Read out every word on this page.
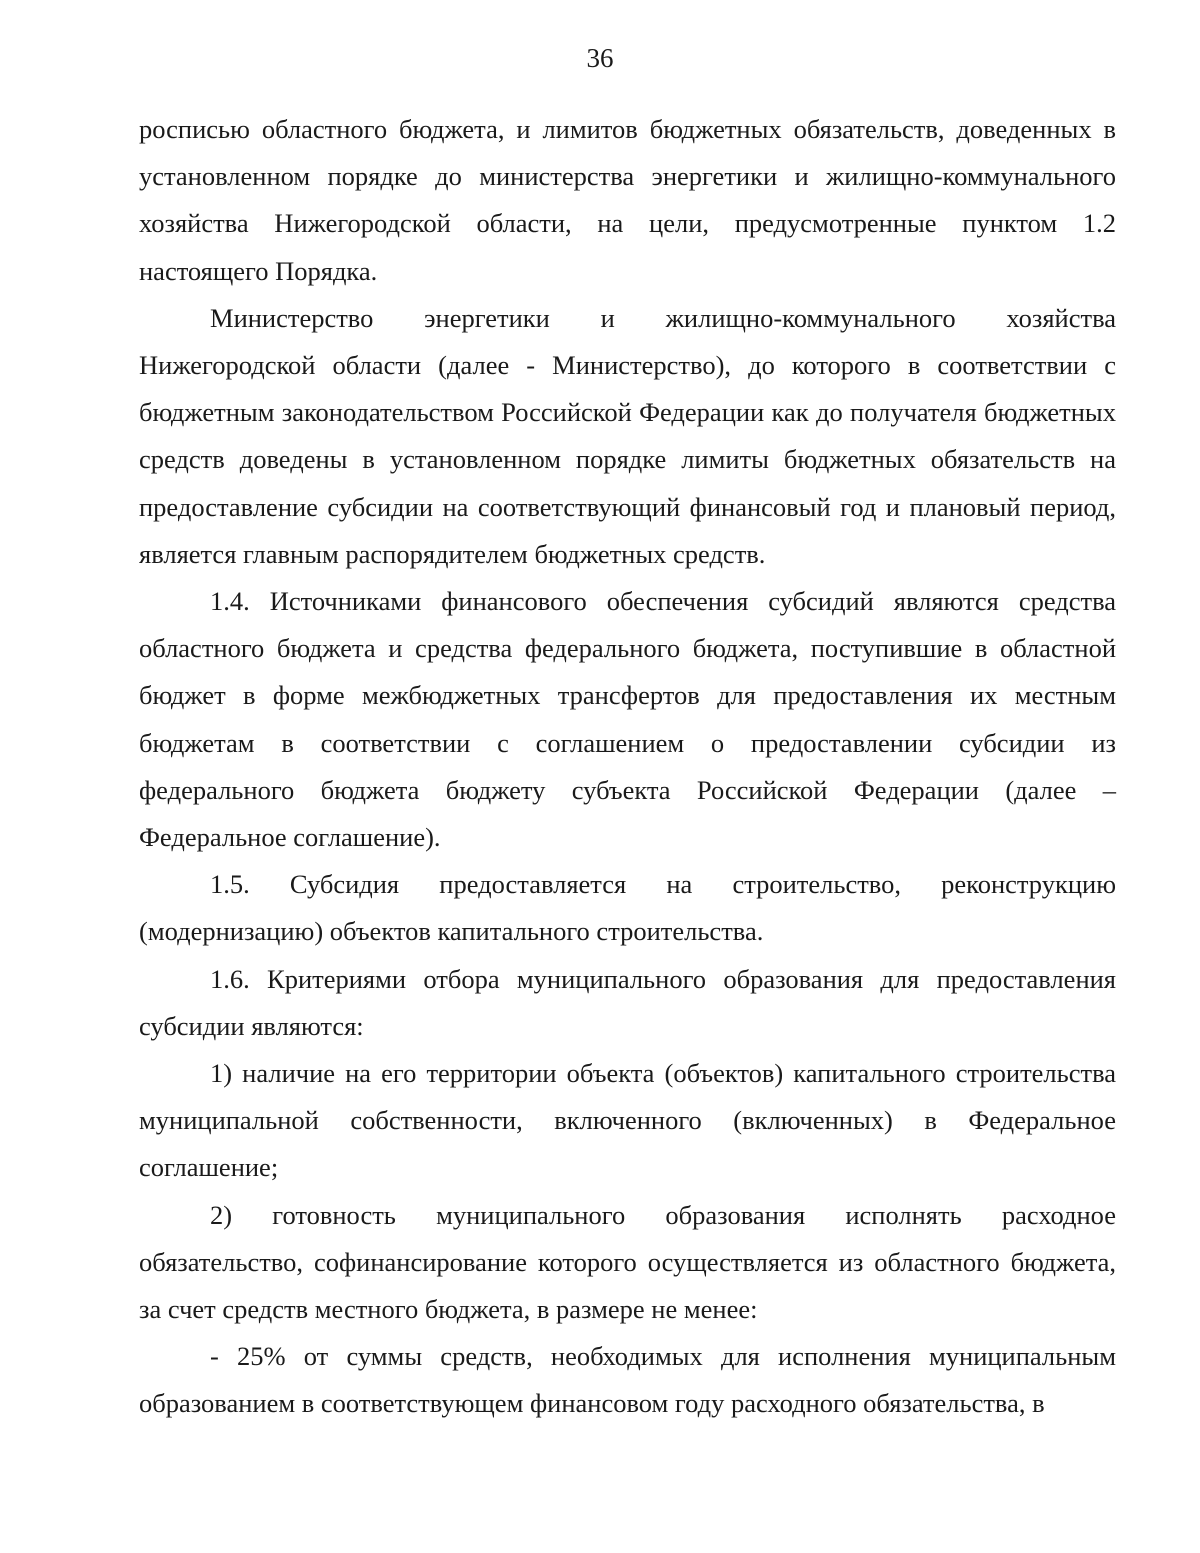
36

росписью областного бюджета, и лимитов бюджетных обязательств, доведенных в установленном порядке до министерства энергетики и жилищно-коммунального хозяйства Нижегородской области, на цели, предусмотренные пунктом 1.2 настоящего Порядка.

Министерство энергетики и жилищно-коммунального хозяйства Нижегородской области (далее - Министерство), до которого в соответствии с бюджетным законодательством Российской Федерации как до получателя бюджетных средств доведены в установленном порядке лимиты бюджетных обязательств на предоставление субсидии на соответствующий финансовый год и плановый период, является главным распорядителем бюджетных средств.

1.4. Источниками финансового обеспечения субсидий являются средства областного бюджета и средства федерального бюджета, поступившие в областной бюджет в форме межбюджетных трансфертов для предоставления их местным бюджетам в соответствии с соглашением о предоставлении субсидии из федерального бюджета бюджету субъекта Российской Федерации (далее – Федеральное соглашение).

1.5. Субсидия предоставляется на строительство, реконструкцию (модернизацию) объектов капитального строительства.

1.6. Критериями отбора муниципального образования для предоставления субсидии являются:

1) наличие на его территории объекта (объектов) капитального строительства муниципальной собственности, включенного (включенных) в Федеральное соглашение;

2) готовность муниципального образования исполнять расходное обязательство, софинансирование которого осуществляется из областного бюджета, за счет средств местного бюджета, в размере не менее:

- 25% от суммы средств, необходимых для исполнения муниципальным образованием в соответствующем финансовом году расходного обязательства, в
